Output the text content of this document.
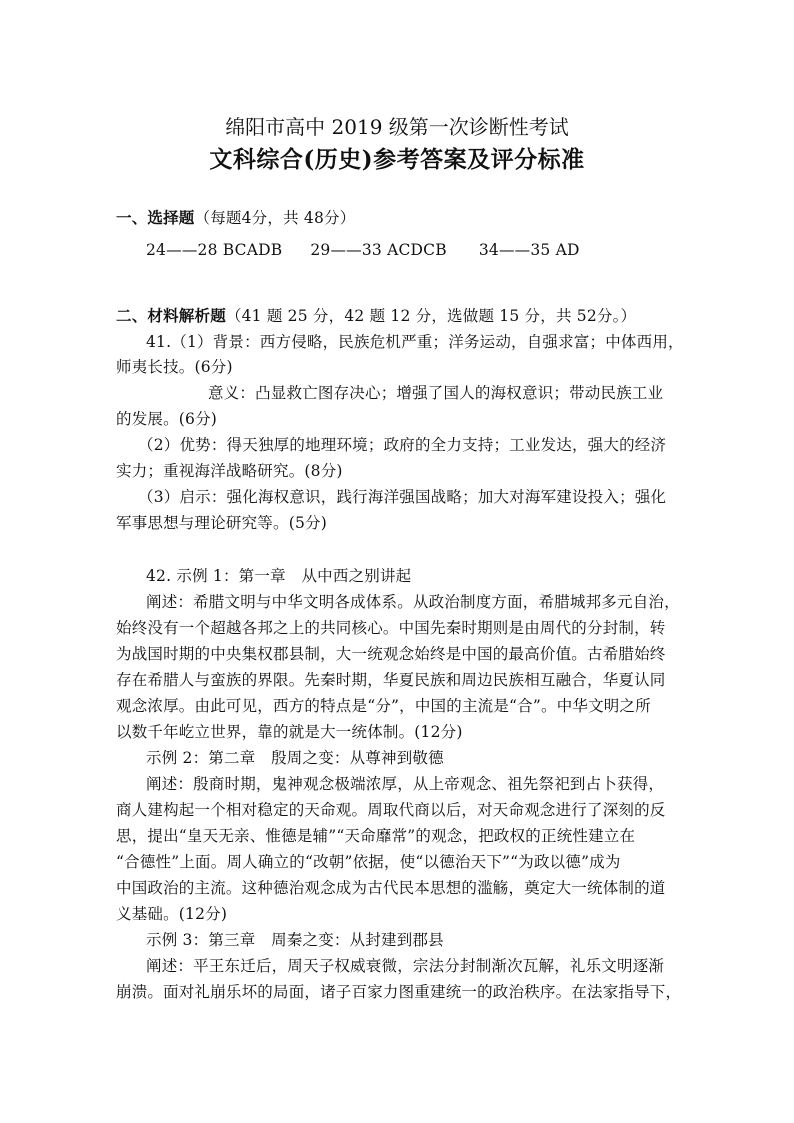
绵阳市高中 2019 级第一次诊断性考试
文科综合(历史)参考答案及评分标准
一、选择题（每题4分，共 48分）
24——28 BCADB 29——33 ACDCB 34——35 AD
二、材料解析题（41 题 25 分，42 题 12 分，选做题 15 分，共 52分。）
41.（1）背景：西方侵略，民族危机严重；洋务运动，自强求富；中体西用，
师夷长技。(6分)
意义：凸显救亡图存决心；增强了国人的海权意识；带动民族工业
的发展。(6分)
（2）优势：得天独厚的地理环境；政府的全力支持；工业发达，强大的经济
实力；重视海洋战略研究。(8分)
（3）启示：强化海权意识，践行海洋强国战略；加大对海军建设投入；强化
军事思想与理论研究等。(5分)
42. 示例 1：第一章　从中西之别讲起
阐述：希腊文明与中华文明各成体系。从政治制度方面，希腊城邦多元自治，
始终没有一个超越各邦之上的共同核心。中国先秦时期则是由周代的分封制，转
为战国时期的中央集权郡县制，大一统观念始终是中国的最高价值。古希腊始终
存在希腊人与蛮族的界限。先秦时期，华夏民族和周边民族相互融合，华夏认同
观念浓厚。由此可见，西方的特点是“分”，中国的主流是“合”。中华文明之所
以数千年屹立世界，靠的就是大一统体制。(12分)
示例 2：第二章　殷周之变：从尊神到敬德
阐述：殷商时期，鬼神观念极端浓厚，从上帝观念、祖先祭祀到占卜获得，
商人建构起一个相对稳定的天命观。周取代商以后，对天命观念进行了深刻的反
思，提出“皇天无亲、惟德是辅”“天命靡常”的观念，把政权的正统性建立在
“合德性”上面。周人确立的“改朝”依据，使“以德治天下”“为政以德”成为
中国政治的主流。这种德治观念成为古代民本思想的滥觞，奠定大一统体制的道
义基础。(12分)
示例 3：第三章　周秦之变：从封建到郡县
阐述：平王东迁后，周天子权威衰微，宗法分封制渐次瓦解，礼乐文明逐渐
崩溃。面对礼崩乐坏的局面，诸子百家力图重建统一的政治秩序。在法家指导下，
